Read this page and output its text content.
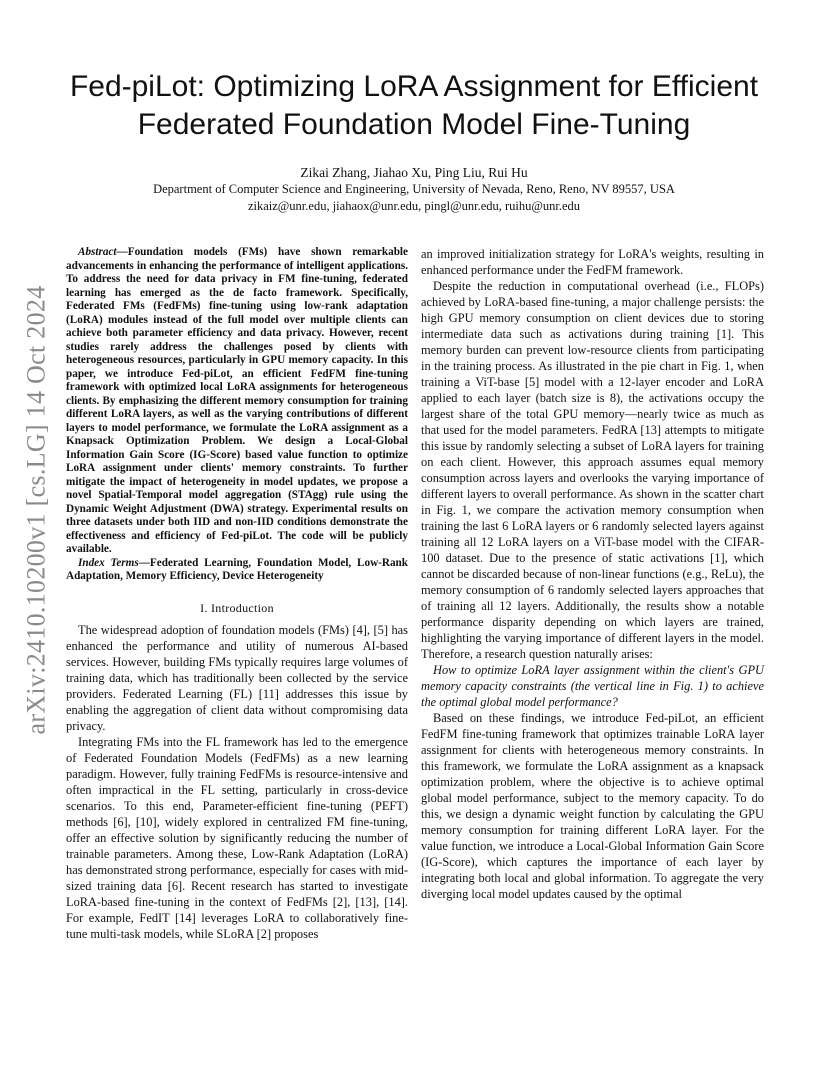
arXiv:2410.10200v1 [cs.LG] 14 Oct 2024
Fed-piLot: Optimizing LoRA Assignment for Efficient Federated Foundation Model Fine-Tuning
Zikai Zhang, Jiahao Xu, Ping Liu, Rui Hu
Department of Computer Science and Engineering, University of Nevada, Reno, Reno, NV 89557, USA
zikaiz@unr.edu, jiahaox@unr.edu, pingl@unr.edu, ruihu@unr.edu

Abstract—Foundation models (FMs) have shown remarkable advancements in enhancing the performance of intelligent applications. To address the need for data privacy in FM fine-tuning, federated learning has emerged as the de facto framework. Specifically, Federated FMs (FedFMs) fine-tuning using low-rank adaptation (LoRA) modules instead of the full model over multiple clients can achieve both parameter efficiency and data privacy. However, recent studies rarely address the challenges posed by clients with heterogeneous resources, particularly in GPU memory capacity. In this paper, we introduce Fed-piLot, an efficient FedFM fine-tuning framework with optimized local LoRA assignments for heterogeneous clients. By emphasizing the different memory consumption for training different LoRA layers, as well as the varying contributions of different layers to model performance, we formulate the LoRA assignment as a Knapsack Optimization Problem. We design a Local-Global Information Gain Score (IG-Score) based value function to optimize LoRA assignment under clients' memory constraints. To further mitigate the impact of heterogeneity in model updates, we propose a novel Spatial-Temporal model aggregation (STAgg) rule using the Dynamic Weight Adjustment (DWA) strategy. Experimental results on three datasets under both IID and non-IID conditions demonstrate the effectiveness and efficiency of Fed-piLot. The code will be publicly available.

Index Terms—Federated Learning, Foundation Model, Low-Rank Adaptation, Memory Efficiency, Device Heterogeneity

I. Introduction

The widespread adoption of foundation models (FMs) [4], [5] has enhanced the performance and utility of numerous AI-based services. However, building FMs typically requires large volumes of training data, which has traditionally been collected by the service providers. Federated Learning (FL) [11] addresses this issue by enabling the aggregation of client data without compromising data privacy.

Integrating FMs into the FL framework has led to the emergence of Federated Foundation Models (FedFMs) as a new learning paradigm. However, fully training FedFMs is resource-intensive and often impractical in the FL setting, particularly in cross-device scenarios. To this end, Parameter-efficient fine-tuning (PEFT) methods [6], [10], widely explored in centralized FM fine-tuning, offer an effective solution by significantly reducing the number of trainable parameters. Among these, Low-Rank Adaptation (LoRA) has demonstrated strong performance, especially for cases with mid-sized training data [6]. Recent research has started to investigate LoRA-based fine-tuning in the context of FedFMs [2], [13], [14]. For example, FedIT [14] leverages LoRA to collaboratively fine-tune multi-task models, while SLoRA [2] proposes

an improved initialization strategy for LoRA's weights, resulting in enhanced performance under the FedFM framework.

Despite the reduction in computational overhead (i.e., FLOPs) achieved by LoRA-based fine-tuning, a major challenge persists: the high GPU memory consumption on client devices due to storing intermediate data such as activations during training [1]. This memory burden can prevent low-resource clients from participating in the training process. As illustrated in the pie chart in Fig. 1, when training a ViT-base [5] model with a 12-layer encoder and LoRA applied to each layer (batch size is 8), the activations occupy the largest share of the total GPU memory—nearly twice as much as that used for the model parameters. FedRA [13] attempts to mitigate this issue by randomly selecting a subset of LoRA layers for training on each client. However, this approach assumes equal memory consumption across layers and overlooks the varying importance of different layers to overall performance. As shown in the scatter chart in Fig. 1, we compare the activation memory consumption when training the last 6 LoRA layers or 6 randomly selected layers against training all 12 LoRA layers on a ViT-base model with the CIFAR-100 dataset. Due to the presence of static activations [1], which cannot be discarded because of non-linear functions (e.g., ReLu), the memory consumption of 6 randomly selected layers approaches that of training all 12 layers. Additionally, the results show a notable performance disparity depending on which layers are trained, highlighting the varying importance of different layers in the model. Therefore, a research question naturally arises:

How to optimize LoRA layer assignment within the client's GPU memory capacity constraints (the vertical line in Fig. 1) to achieve the optimal global model performance?

Based on these findings, we introduce Fed-piLot, an efficient FedFM fine-tuning framework that optimizes trainable LoRA layer assignment for clients with heterogeneous memory constraints. In this framework, we formulate the LoRA assignment as a knapsack optimization problem, where the objective is to achieve optimal global model performance, subject to the memory capacity. To do this, we design a dynamic weight function by calculating the GPU memory consumption for training different LoRA layer. For the value function, we introduce a Local-Global Information Gain Score (IG-Score), which captures the importance of each layer by integrating both local and global information. To aggregate the very diverging local model updates caused by the optimal
